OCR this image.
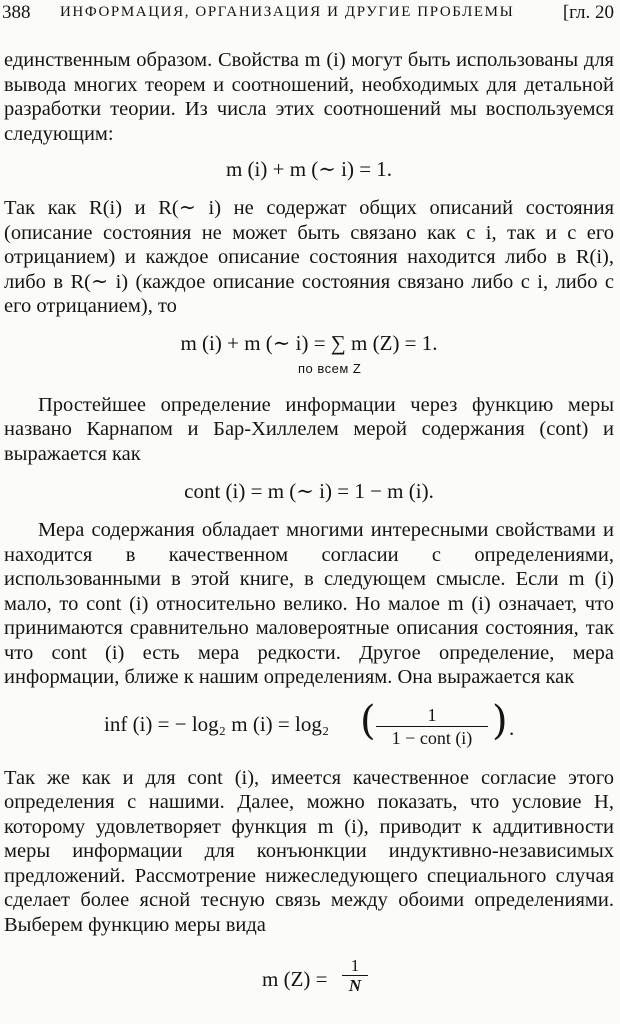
388 ИНФОРМАЦИЯ, ОРГАНИЗАЦИЯ И ДРУГИЕ ПРОБЛЕМЫ	[гл. 20

единственным образом. Свойства m (i) могут быть использованы для вывода многих теорем и соотношений, необходимых для детальной разработки теории. Из числа этих соотношений мы воспользуемся следующим:

m (i) + m (∼ i) = 1.

Так как R(i) и R(∼ i) не содержат общих описаний состояния (описание состояния не может быть связано как с i, так и с его отрицанием) и каждое описание состояния находится либо в R(i), либо в R(∼ i) (каждое описание состояния связано либо с i, либо с его отрицанием), то

m (i) + m (∼ i) = ∑ m (Z) = 1.
по всем Z

Простейшее определение информации через функцию меры названо Карнапом и Бар-Хиллелем мерой содержания (cont) и выражается как

cont (i) = m (∼ i) = 1 − m (i).

Мера содержания обладает многими интересными свойствами и находится в качественном согласии с определениями, использованными в этой книге, в следующем смысле. Если m (i) мало, то cont (i) относительно велико. Но малое m (i) означает, что принимаются сравнительно маловероятные описания состояния, так что cont (i) есть мера редкости. Другое определение, мера информации, ближе к нашим определениям. Она выражается как

inf (i) = − log₂ m (i) = log₂ (	1
1 − cont (i) ) .

Так же как и для cont (i), имеется качественное согласие этого определения с нашими. Далее, можно показать, что условие H, которому удовлетворяет функция m (i), приводит к аддитивности меры информации для конъюнкции индуктивно-независимых предложений. Рассмотрение нижеследующего специального случая сделает более ясной тесную связь между обоими определениями. Выберем функцию меры вида

m $(Z) = \frac{1}{N}$
